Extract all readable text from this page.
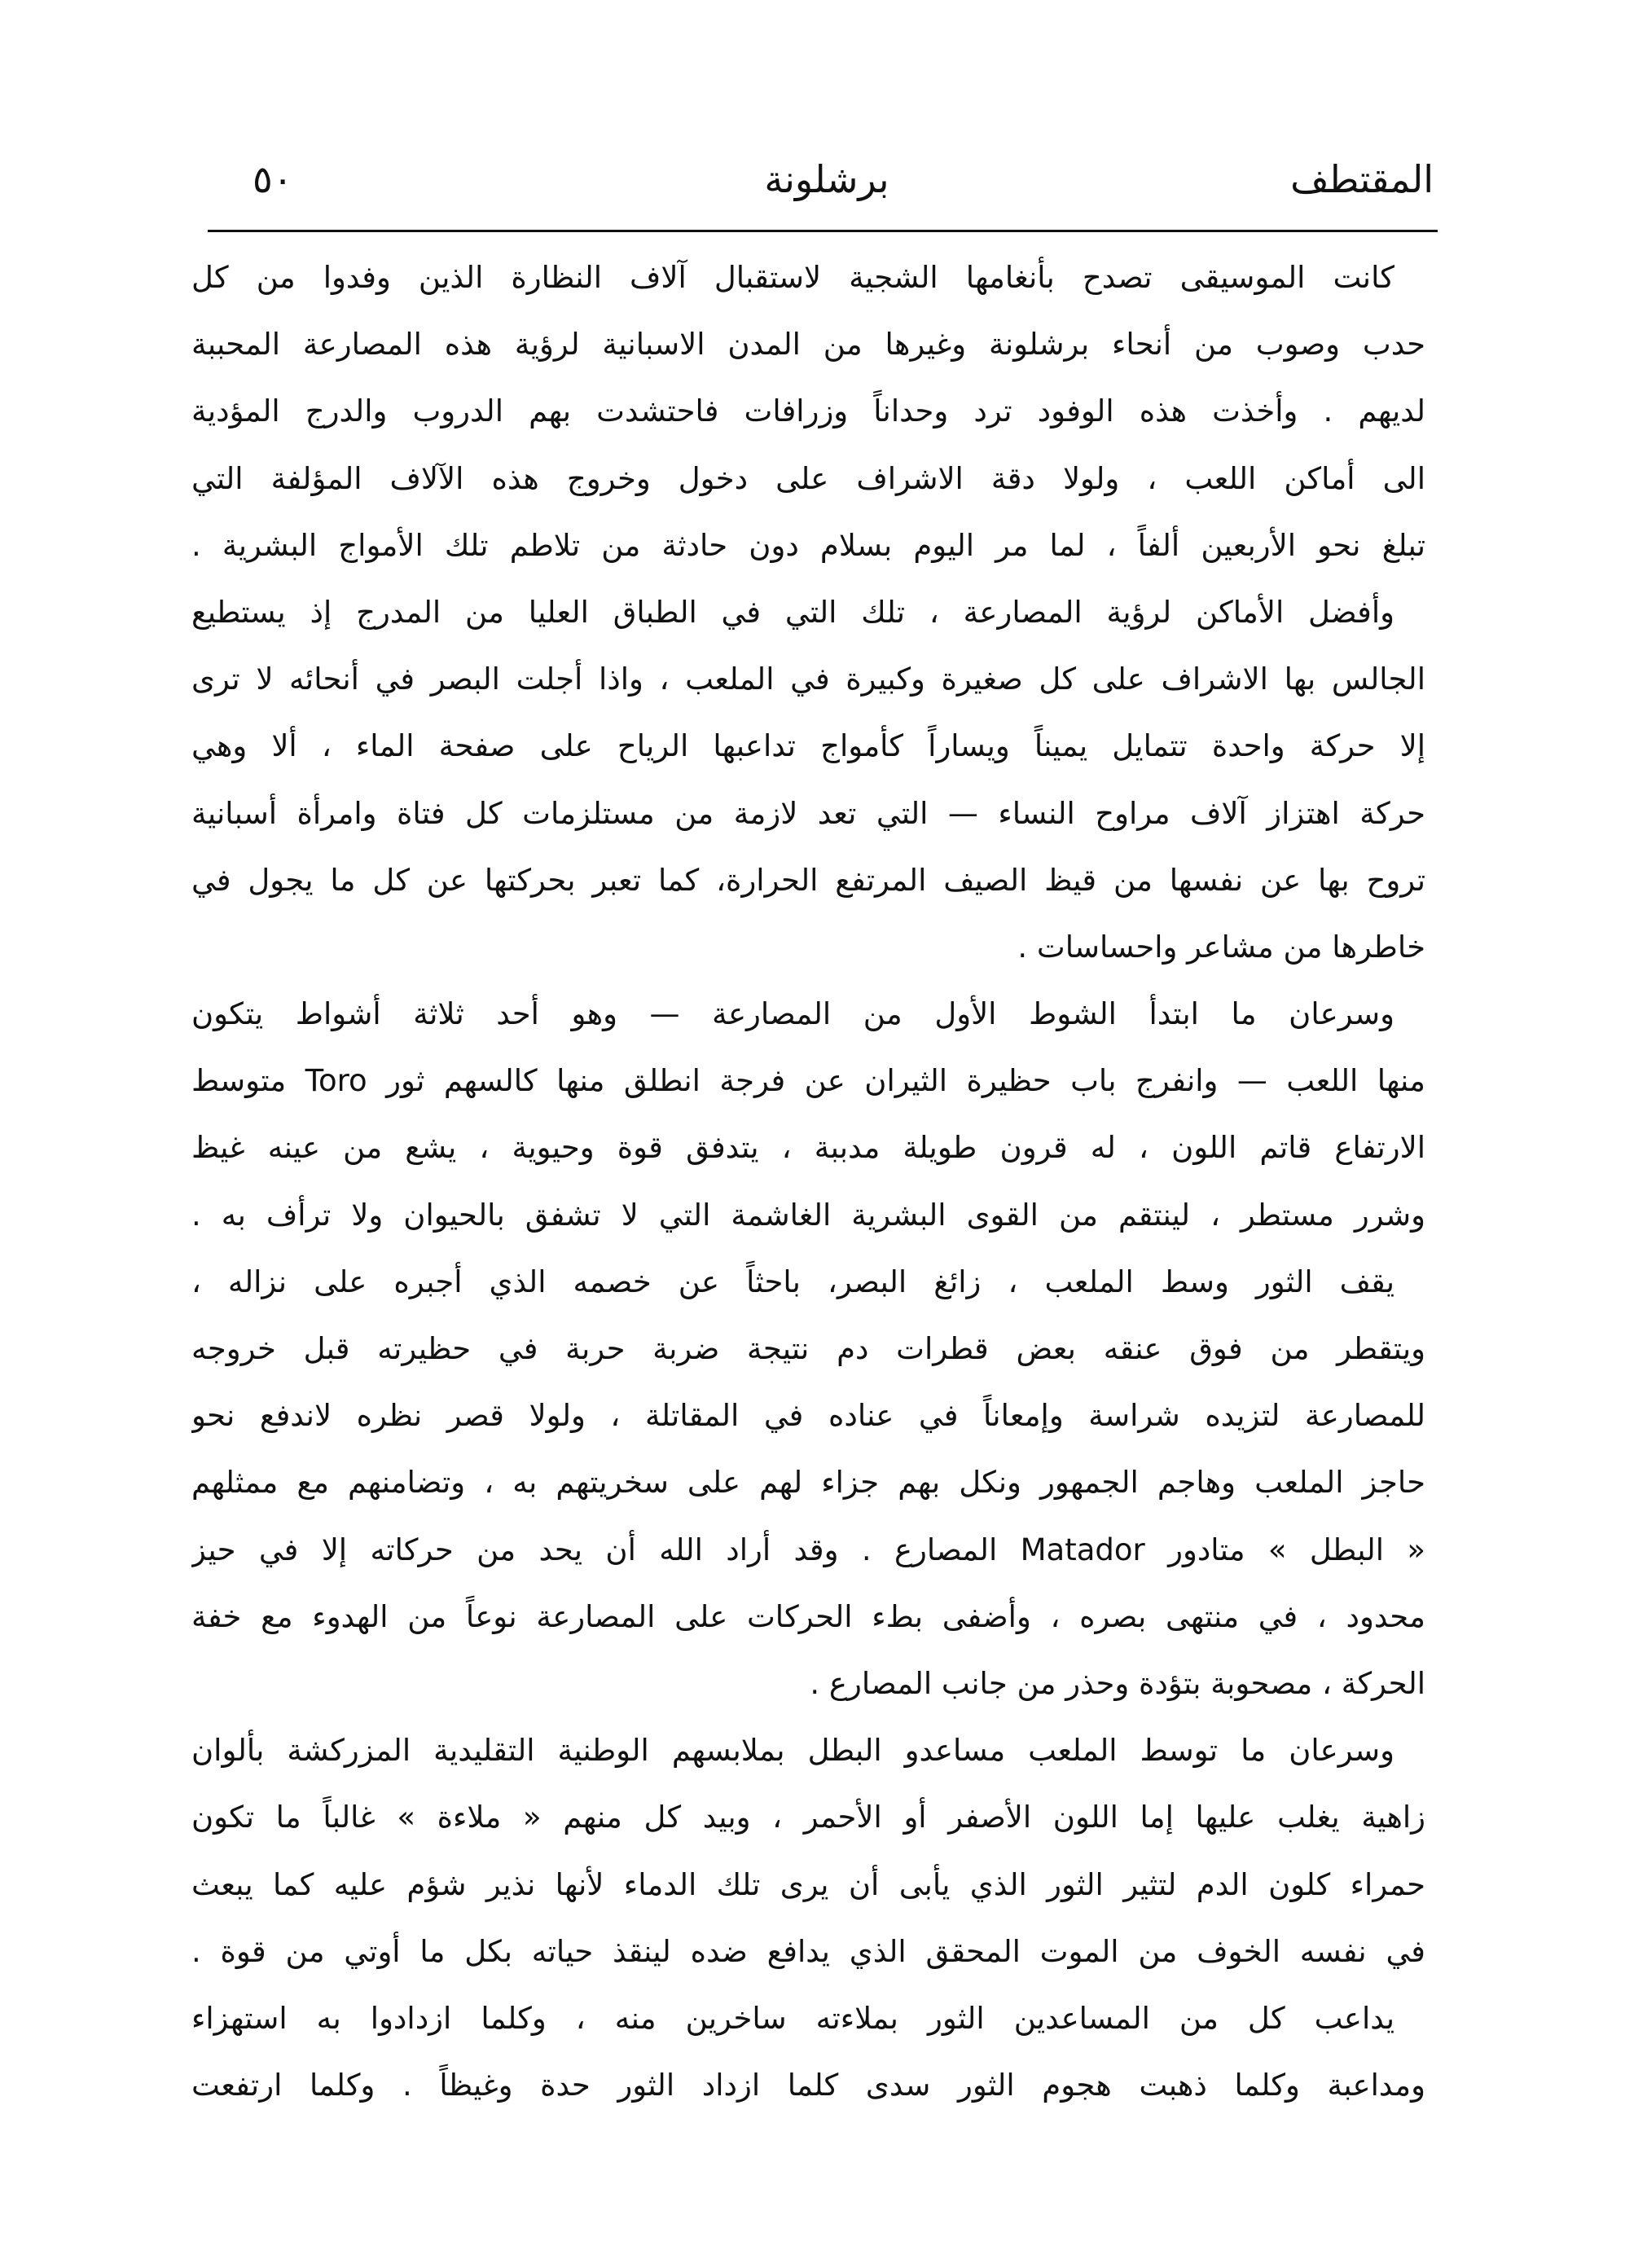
المقتطف
برشلونة
٥٠
كانت الموسيقى تصدح بأنغامها الشجية لاستقبال آلاف النظارة الذين وفدوا من كل
حدب وصوب من أنحاء برشلونة وغيرها من المدن الاسبانية لرؤية هذه المصارعة المحببة
لديهم . وأخذت هذه الوفود ترد وحداناً وزرافات فاحتشدت بهم الدروب والدرج المؤدية
الى أماكن اللعب ، ولولا دقة الاشراف على دخول وخروج هذه الآلاف المؤلفة التي
تبلغ نحو الأربعين ألفاً ، لما مر اليوم بسلام دون حادثة من تلاطم تلك الأمواج البشرية .
وأفضل الأماكن لرؤية المصارعة ، تلك التي في الطباق العليا من المدرج إذ يستطيع
الجالس بها الاشراف على كل صغيرة وكبيرة في الملعب ، واذا أجلت البصر في أنحائه لا ترى
إلا حركة واحدة تتمايل يميناً ويساراً كأمواج تداعبها الرياح على صفحة الماء ، ألا وهي
حركة اهتزاز آلاف مراوح النساء — التي تعد لازمة من مستلزمات كل فتاة وامرأة أسبانية
تروح بها عن نفسها من قيظ الصيف المرتفع الحرارة، كما تعبر بحركتها عن كل ما يجول في
خاطرها من مشاعر واحساسات .
وسرعان ما ابتدأ الشوط الأول من المصارعة — وهو أحد ثلاثة أشواط يتكون
منها اللعب — وانفرج باب حظيرة الثيران عن فرجة انطلق منها كالسهم ثور Toro متوسط
الارتفاع قاتم اللون ، له قرون طويلة مدببة ، يتدفق قوة وحيوية ، يشع من عينه غيظ
وشرر مستطر ، لينتقم من القوى البشرية الغاشمة التي لا تشفق بالحيوان ولا ترأف به .
يقف الثور وسط الملعب ، زائغ البصر، باحثاً عن خصمه الذي أجبره على نزاله ،
ويتقطر من فوق عنقه بعض قطرات دم نتيجة ضربة حربة في حظيرته قبل خروجه
للمصارعة لتزيده شراسة وإمعاناً في عناده في المقاتلة ، ولولا قصر نظره لاندفع نحو
حاجز الملعب وهاجم الجمهور ونكل بهم جزاء لهم على سخريتهم به ، وتضامنهم مع ممثلهم
« البطل » متادور Matador المصارع . وقد أراد الله أن يحد من حركاته إلا في حيز
محدود ، في منتهى بصره ، وأضفى بطء الحركات على المصارعة نوعاً من الهدوء مع خفة
الحركة ، مصحوبة بتؤدة وحذر من جانب المصارع .
وسرعان ما توسط الملعب مساعدو البطل بملابسهم الوطنية التقليدية المزركشة بألوان
زاهية يغلب عليها إما اللون الأصفر أو الأحمر ، وبيد كل منهم « ملاءة » غالباً ما تكون
حمراء كلون الدم لتثير الثور الذي يأبى أن يرى تلك الدماء لأنها نذير شؤم عليه كما يبعث
في نفسه الخوف من الموت المحقق الذي يدافع ضده لينقذ حياته بكل ما أوتي من قوة .
يداعب كل من المساعدين الثور بملاءته ساخرين منه ، وكلما ازدادوا به استهزاء
ومداعبة وكلما ذهبت هجوم الثور سدى كلما ازداد الثور حدة وغيظاً . وكلما ارتفعت
